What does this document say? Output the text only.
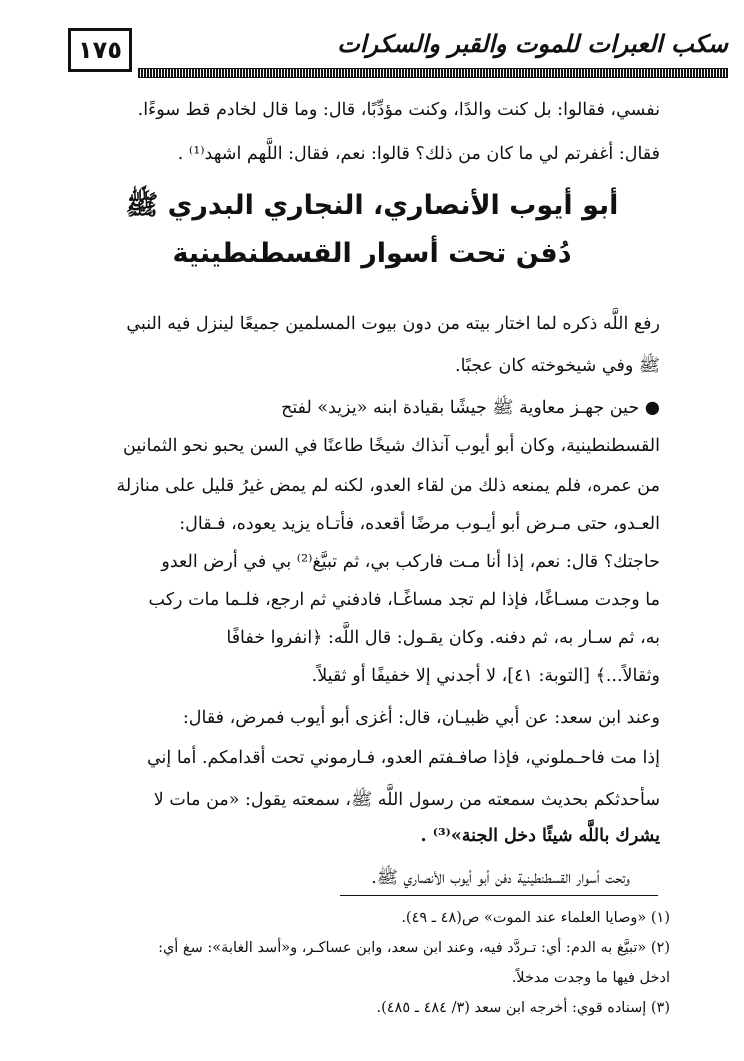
١٧٥	سكب العبرات للموت والقبر والسكرات
نفسي، فقالوا: بل كنت والدًا، وكنت مؤدِّبًا، قال: وما قال لخادم قط سوءًا.
فقال: أغفرتم لي ما كان من ذلك؟ قالوا: نعم، فقال: اللَّهم اشهد⁽¹⁾ .
أبو أيوب الأنصاري، النجاري البدري ﷺ
دُفن تحت أسوار القسطنطينية
رفع اللَّه ذكره لما اختار بيته من دون بيوت المسلمين جميعًا لينزل فيه النبي
ﷺ وفي شيخوخته كان عجبًا.
● حين جهـز معاوية ﷺ جيشًا بقيادة ابنه «يزيد» لفتح
القسطنطينية، وكان أبو أيوب آنذاك شيخًا طاعنًا في السن يحبو نحو الثمانين
من عمره، فلم يمنعه ذلك من لقاء العدو، لكنه لم يمض غيرُ قليل على منازلة
العـدو، حتى مـرض أبو أيـوب مرضًا أقعده، فأتـاه يزيد يعوده، فـقال:
حاجتك؟ قال: نعم، إذا أنا مـت فاركب بي، ثم تبيَّغ⁽²⁾ بي في أرض العدو
ما وجدت مسـاغًا، فإذا لم تجد مساغًـا، فادفني ثم ارجع، فلـما مات ركب
به، ثم سـار به، ثم دفنه. وكان يقـول: قال اللَّه: ﴿انفروا خفافًا
وثقالاً...﴾ [التوبة: ٤١]، لا أجدني إلا خفيفًا أو ثقيلاً.
وعند ابن سعد: عن أبي ظبيـان، قال: أغزى أبو أيوب فمرض، فقال:
إذا مت فاحـملوني، فإذا صافـفتم العدو، فـارموني تحت أقدامكم. أما إني
سأحدثكم بحديث سمعته من رسول اللَّه ﷺ، سمعته يقول: «من مات لا
يشرك باللَّه شيئًا دخل الجنة»⁽³⁾ .
وتحت أسوار القسطنطينية دفن أبو أيوب الأنصاري ﷺ.
(١) «وصايا العلماء عند الموت» ص(٤٨ ـ ٤٩).
(٢) «تبيَّغ به الدم: أي: تـردَّد فيه، وعند ابن سعد، وابن عساكـر، و«أسد الغابة»: سغ أي:
ادخل فيها ما وجدت مدخلاً.
(٣) إسناده قوي: أخرجه ابن سعد (٣/ ٤٨٤ ـ ٤٨٥).
